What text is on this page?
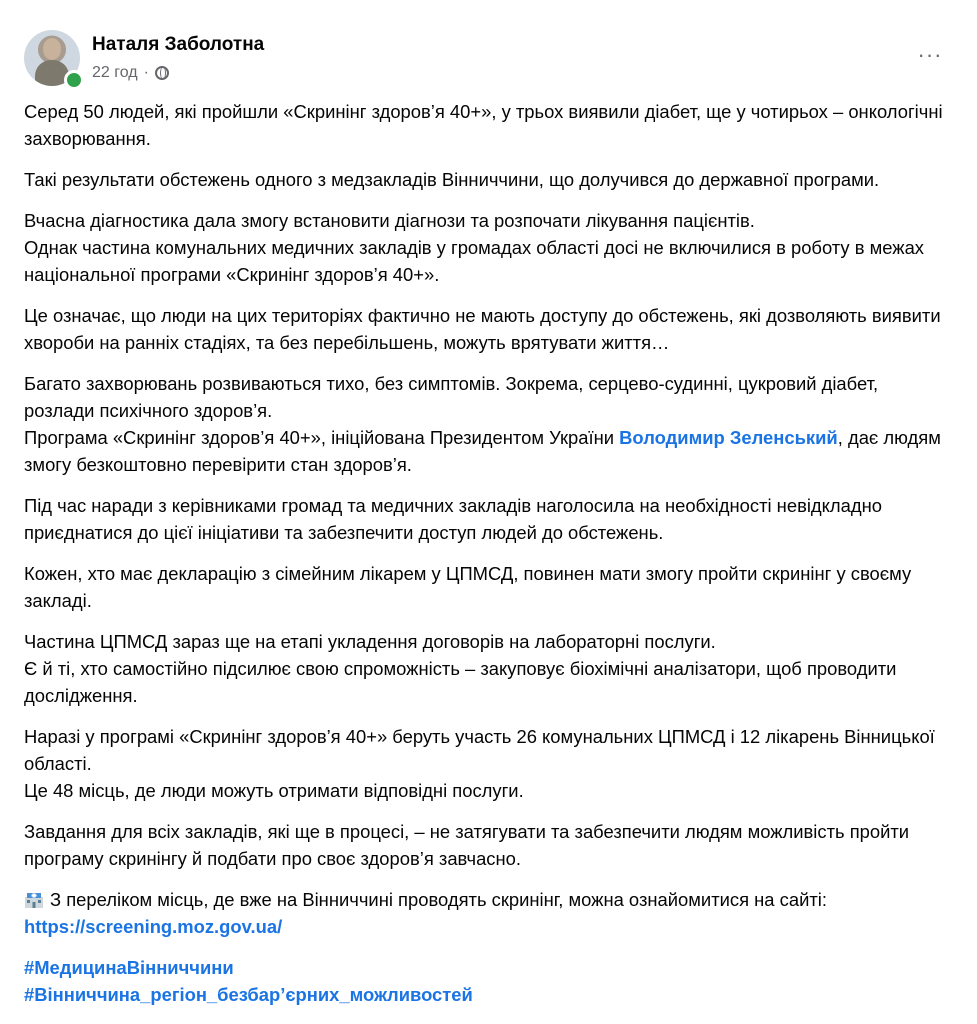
Наталя Заболотна
22 год ·
···

Серед 50 людей, які пройшли «Скринінг здоров’я 40+», у трьох виявили діабет, ще у чотирьох – онкологічні захворювання.

Такі результати обстежень одного з медзакладів Вінниччини, що долучився до державної програми.

Вчасна діагностика дала змогу встановити діагнози та розпочати лікування пацієнтів.
Однак частина комунальних медичних закладів у громадах області досі не включилися в роботу в межах національної програми «Скринінг здоров’я 40+».

Це означає, що люди на цих територіях фактично не мають доступу до обстежень, які дозволяють виявити хвороби на ранніх стадіях, та без перебільшень, можуть врятувати життя…

Багато захворювань розвиваються тихо, без симптомів. Зокрема, серцево-судинні, цукровий діабет, розлади психічного здоров’я.
Програма «Скринінг здоров’я 40+», ініційована Президентом України Володимир Зеленський, дає людям змогу безкоштовно перевірити стан здоров’я.

Під час наради з керівниками громад та медичних закладів наголосила на необхідності невідкладно приєднатися до цієї ініціативи та забезпечити доступ людей до обстежень.

Кожен, хто має декларацію з сімейним лікарем у ЦПМСД, повинен мати змогу пройти скринінг у своєму закладі.

Частина ЦПМСД зараз ще на етапі укладення договорів на лабораторні послуги.
Є й ті, хто самостійно підсилює свою спроможність – закуповує біохімічні аналізатори, щоб проводити дослідження.

Наразі у програмі «Скринінг здоров’я 40+» беруть участь 26 комунальних ЦПМСД і 12 лікарень Вінницької області.
Це 48 місць, де люди можуть отримати відповідні послуги.

Завдання для всіх закладів, які ще в процесі, – не затягувати та забезпечити людям можливість пройти програму скринінгу й подбати про своє здоров’я завчасно.

З переліком місць, де вже на Вінниччині проводять скринінг, можна ознайомитися на сайті:
https://screening.moz.gov.ua/

#МедицинаВінниччини
#Вінниччина_регіон_безбар’єрних_можливостей
